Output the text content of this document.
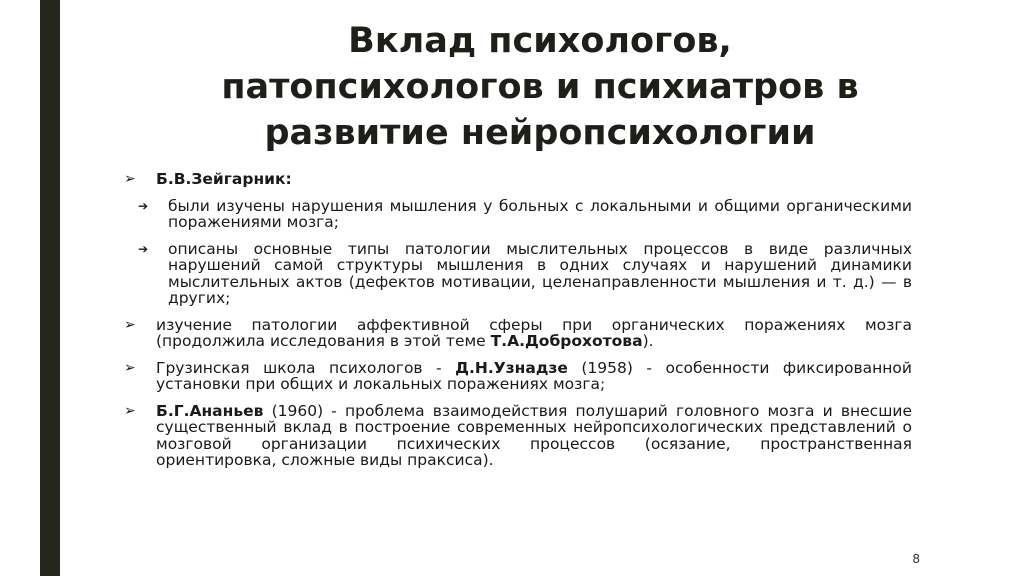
Вклад психологов,
патопсихологов и психиатров в
развитие нейропсихологии
➢ Б.В.Зейгарник:
➔ были изучены нарушения мышления у больных с локальными и общими органическими поражениями мозга;
➔ описаны основные типы патологии мыслительных процессов в виде различных нарушений самой структуры мышления в одних случаях и нарушений динамики мыслительных актов (дефектов мотивации, целенаправленности мышления и т. д.) — в других;
➢ изучение патологии аффективной сферы при органических поражениях мозга (продолжила исследования в этой теме Т.А.Доброхотова).
➢ Грузинская школа психологов - Д.Н.Узнадзе (1958) - особенности фиксированной установки при общих и локальных поражениях мозга;
➢ Б.Г.Ананьев (1960) - проблема взаимодействия полушарий головного мозга и внесшие существенный вклад в построение современных нейропсихологических представлений о мозговой организации психических процессов (осязание, пространственная ориентировка, сложные виды праксиса).
8
